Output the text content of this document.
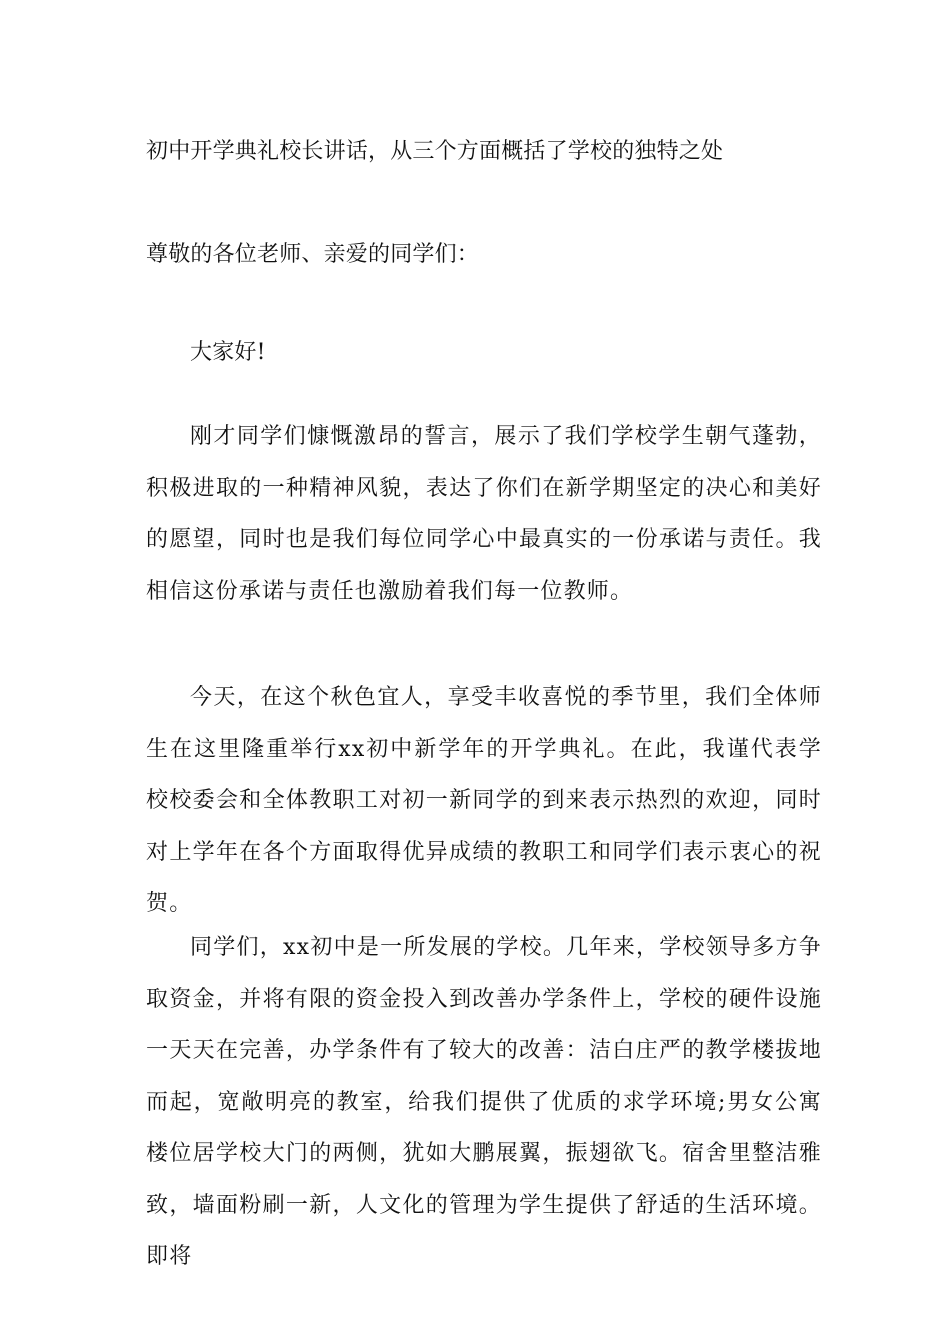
初中开学典礼校长讲话，从三个方面概括了学校的独特之处
尊敬的各位老师、亲爱的同学们：
大家好!

刚才同学们慷慨激昂的誓言，展示了我们学校学生朝气蓬勃，积极进取的一种精神风貌，表达了你们在新学期坚定的决心和美好的愿望，同时也是我们每位同学心中最真实的一份承诺与责任。我相信这份承诺与责任也激励着我们每一位教师。

今天，在这个秋色宜人，享受丰收喜悦的季节里，我们全体师生在这里隆重举行xx初中新学年的开学典礼。在此，我谨代表学校校委会和全体教职工对初一新同学的到来表示热烈的欢迎，同时对上学年在各个方面取得优异成绩的教职工和同学们表示衷心的祝贺。

同学们，xx初中是一所发展的学校。几年来，学校领导多方争取资金，并将有限的资金投入到改善办学条件上，学校的硬件设施一天天在完善，办学条件有了较大的改善：洁白庄严的教学楼拔地而起，宽敞明亮的教室，给我们提供了优质的求学环境;男女公寓楼位居学校大门的两侧，犹如大鹏展翼，振翅欲飞。宿舍里整洁雅致，墙面粉刷一新，人文化的管理为学生提供了舒适的生活环境。即将
